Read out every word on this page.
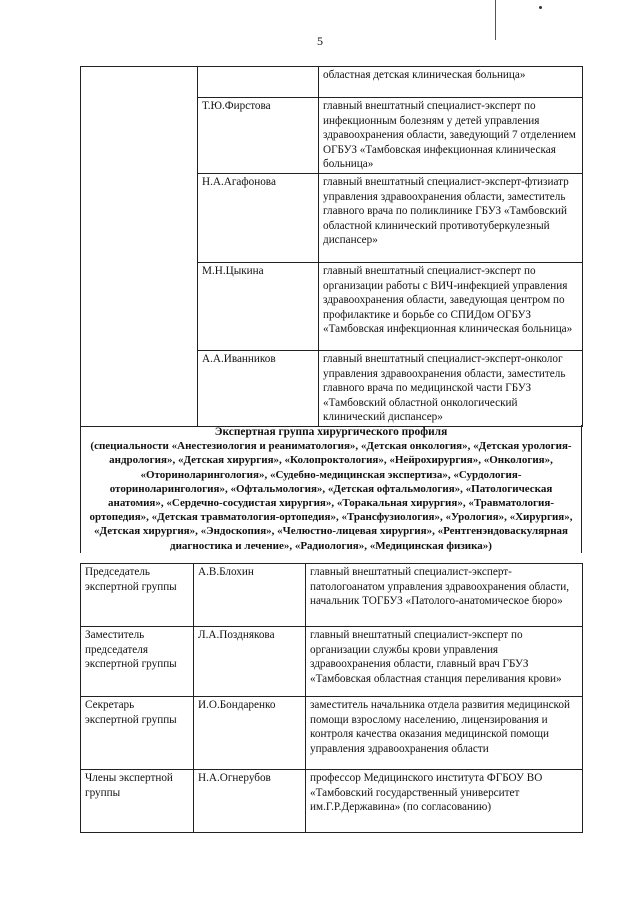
5
		областная детская клиническая больница»
	Т.Ю.Фирстова	главный внештатный специалист-эксперт по инфекционным болезням у детей управления здравоохранения области, заведующий 7 отделением ОГБУЗ «Тамбовская инфекционная клиническая больница»
	Н.А.Агафонова	главный внештатный специалист-эксперт-фтизиатр управления здравоохранения области, заместитель главного врача по поликлинике ГБУЗ «Тамбовский областной клинический противотуберкулезный диспансер»
	М.Н.Цыкина	главный внештатный специалист-эксперт по организации работы с ВИЧ-инфекцией управления здравоохранения области, заведующая центром по профилактике и борьбе со СПИДом ОГБУЗ «Тамбовская инфекционная клиническая больница»
	А.А.Иванников	главный внештатный специалист-эксперт-онколог управления здравоохранения области, заместитель главного врача по медицинской части ГБУЗ «Тамбовский областной онкологический клинический диспансер»
Экспертная группа хирургического профиля
(специальности «Анестезиология и реаниматология», «Детская онкология», «Детская урология-андрология», «Детская хирургия», «Колопроктология», «Нейрохирургия», «Онкология», «Оториноларингология», «Судебно-медицинская экспертиза», «Сурдология-оториноларингология», «Офтальмология», «Детская офтальмология», «Патологическая анатомия», «Сердечно-сосудистая хирургия», «Торакальная хирургия», «Травматология-ортопедия», «Детская травматология-ортопедия», «Трансфузиология», «Урология», «Хирургия», «Детская хирургия», «Эндоскопия», «Челюстно-лицевая хирургия», «Рентгенэндоваскулярная диагностика и лечение», «Радиология», «Медицинская физика»)
Председатель экспертной группы	А.В.Блохин	главный внештатный специалист-эксперт-патологоанатом управления здравоохранения области, начальник ТОГБУЗ «Патолого-анатомическое бюро»
Заместитель председателя экспертной группы	Л.А.Позднякова	главный внештатный специалист-эксперт по организации службы крови управления здравоохранения области, главный врач ГБУЗ «Тамбовская областная станция переливания крови»
Секретарь экспертной группы	И.О.Бондаренко	заместитель начальника отдела развития медицинской помощи взрослому населению, лицензирования и контроля качества оказания медицинской помощи управления здравоохранения области
Члены экспертной группы	Н.А.Огнерубов	профессор Медицинского института ФГБОУ ВО «Тамбовский государственный университет им.Г.Р.Державина» (по согласованию)
